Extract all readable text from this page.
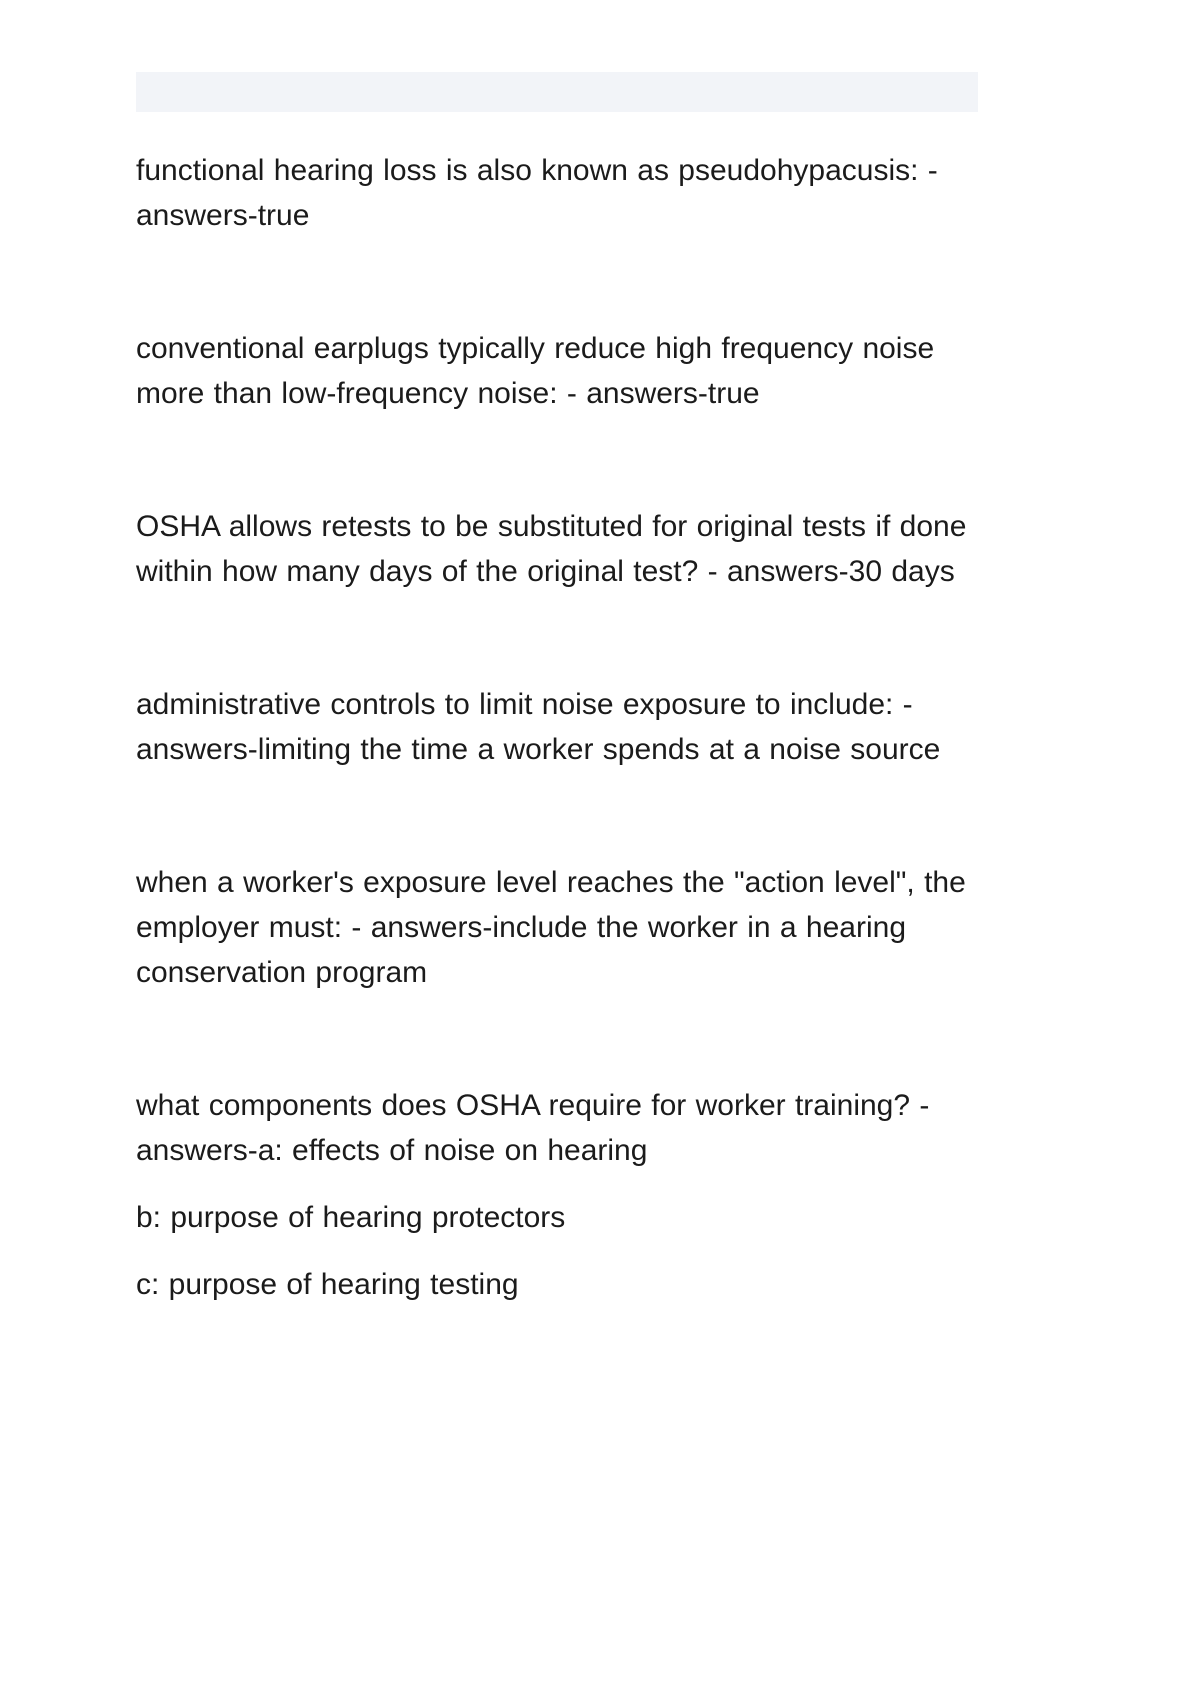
functional hearing loss is also known as pseudohypacusis: - answers-true

conventional earplugs typically reduce high frequency noise more than low-frequency noise: - answers-true

OSHA allows retests to be substituted for original tests if done within how many days of the original test? - answers-30 days

administrative controls to limit noise exposure to include: - answers-limiting the time a worker spends at a noise source

when a worker's exposure level reaches the "action level", the employer must: - answers-include the worker in a hearing conservation program

what components does OSHA require for worker training? - answers-a: effects of noise on hearing

b: purpose of hearing protectors

c: purpose of hearing testing
